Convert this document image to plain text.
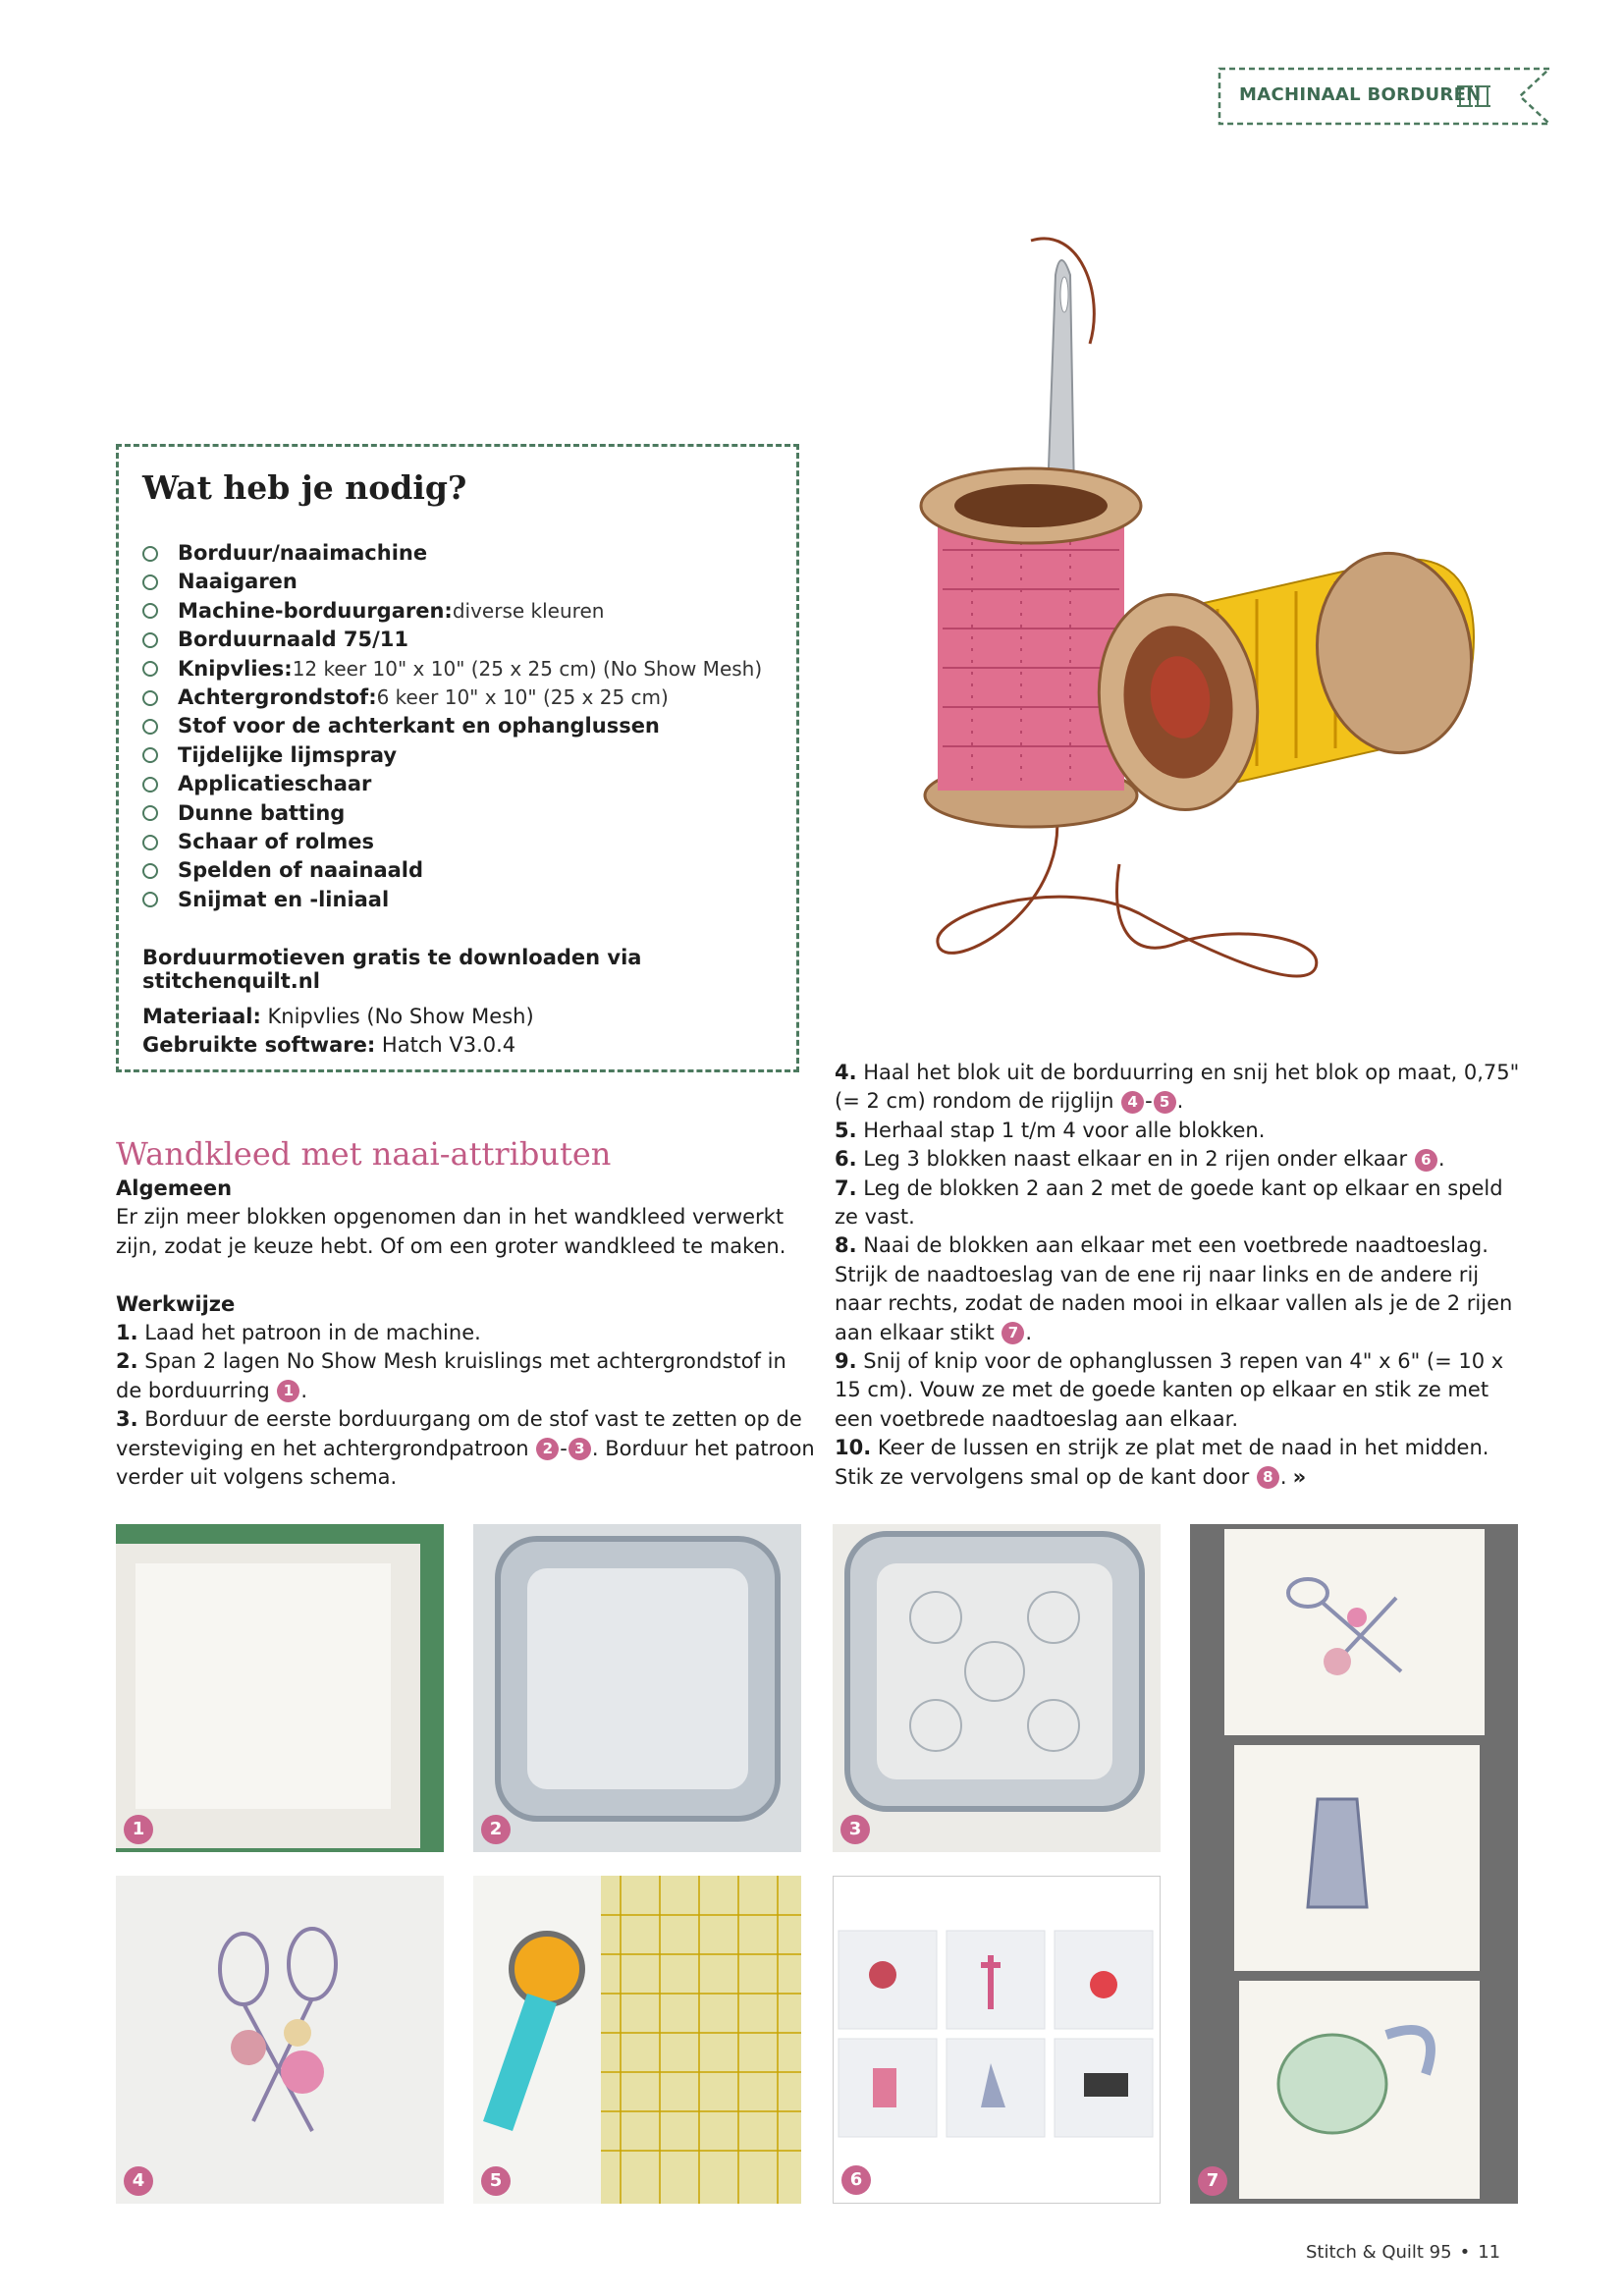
MACHINAAL BORDUREN
Wat heb je nodig?
Borduur/naaimachine
Naaigaren
Machine-borduurgaren: diverse kleuren
Borduurnaald 75/11
Knipvlies: 12 keer 10" x 10" (25 x 25 cm) (No Show Mesh)
Achtergrondstof: 6 keer 10" x 10" (25 x 25 cm)
Stof voor de achterkant en ophanglussen
Tijdelijke lijmspray
Applicatieschaar
Dunne batting
Schaar of rolmes
Spelden of naainaald
Snijmat en -liniaal
Borduurmotieven gratis te downloaden via stitchenquilt.nl
Materiaal: Knipvlies (No Show Mesh)
Gebruikte software: Hatch V3.0.4
Wandkleed met naai-attributen

Algemeen

Er zijn meer blokken opgenomen dan in het wandkleed verwerkt

zijn, zodat je keuze hebt. Of om een groter wandkleed te maken.

Werkwijze

1. Laad het patroon in de machine.

2. Span 2 lagen No Show Mesh kruislings met achtergrondstof in

de borduurring 1 .

3. Borduur de eerste borduurgang om de stof vast te zetten op de

versteviging en het achtergrondpatroon 2 - 3 . Borduur het patroon

verder uit volgens schema.

4. Haal het blok uit de borduurring en snij het blok op maat, 0,75"

(= 2 cm) rondom de rijglijn 4 - 5 .

5. Herhaal stap 1 t/m 4 voor alle blokken.

6. Leg 3 blokken naast elkaar en in 2 rijen onder elkaar 6 .

7. Leg de blokken 2 aan 2 met de goede kant op elkaar en speld

ze vast.

8. Naai de blokken aan elkaar met een voetbrede naadtoeslag.

Strijk de naadtoeslag van de ene rij naar links en de andere rij

naar rechts, zodat de naden mooi in elkaar vallen als je de 2 rijen

aan elkaar stikt 7 .

9. Snij of knip voor de ophanglussen 3 repen van 4" x 6" (= 10 x

15 cm). Vouw ze met de goede kanten op elkaar en stik ze met

een voetbrede naadtoeslag aan elkaar.

10. Keer de lussen en strijk ze plat met de naad in het midden.

Stik ze vervolgens smal op de kant door 8 . »

1	2	3
4	5	6	7
Stitch & Quilt 95 • 11
